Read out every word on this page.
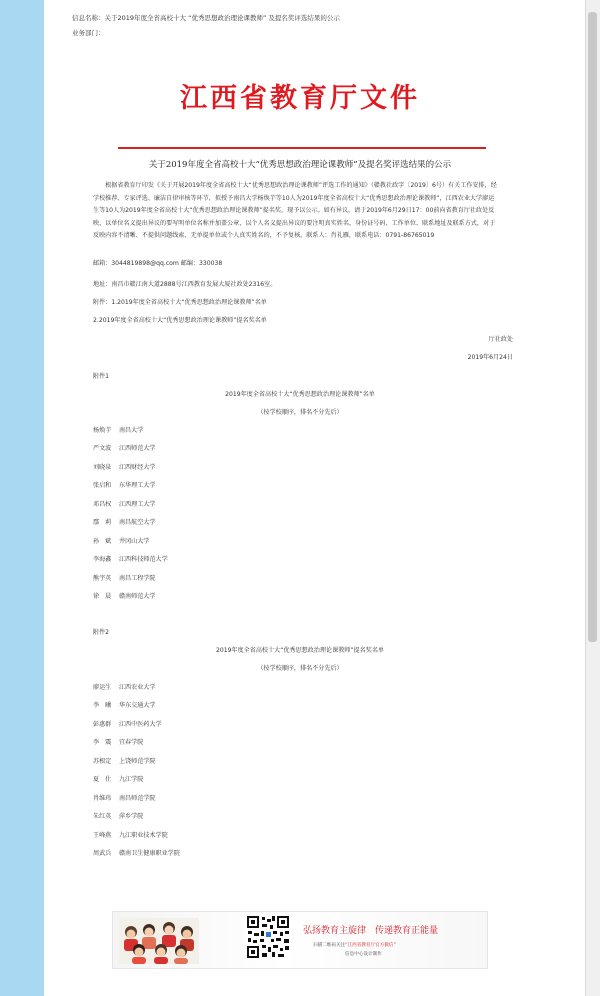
信息名称：关于2019年度全省高校十大 “优秀思想政治理论课教师” 及提名奖评选结果的公示
业务部门：
江西省教育厅文件
关于2019年度全省高校十大“优秀思想政治理论课教师”及提名奖评选结果的公示
　　根据省教育厅印发《关于开展2019年度全省高校十大“优秀思想政治理论课教师”评选工作的通知》（赣教社政字〔2019〕6号）有关工作安排，经学校推荐、专家评选、廉洁自律审核等环节，拟授予南昌大学杨焕芋等10人为2019年度全省高校十大“优秀思想政治理论课教师”，江西农业大学廖运生等10人为2019年度全省高校十大“优秀思想政治理论课教师”提名奖，现予以公示。如有异议，请于2019年6月29日17：00前向省教育厅社政处反映，以单位名义提出异议的要写明单位名称并加盖公章，以个人名义提出异议的要注明真实姓名、身份证号码、工作单位、联系地址及联系方式，对于反映内容不清晰、不提供问题线索、无单提单位或个人真实姓名的，不予复核。联系人：肖礼雁，联系电话：0791-86765019
邮箱：3044819898@qq.com 邮编：330038
地址：南昌市赣江南大道2888号江西教育发展大厦社政处2316室。
附件：1.2019年度全省高校十大“优秀思想政治理论课教师”名单
2.2019年度全省高校十大“优秀思想政治理论课教师”提名奖名单
厅社政处
2019年6月24日
附件1
2019年度全省高校十大“优秀思想政治理论课教师”名单
（按学校顺序，排名不分先后）
杨焕芋 南昌大学
严文波 江西师范大学
刘晓泉 江西财经大学
张启和 东华理工大学
邓昌权 江西理工大学
鄢　莉 南昌航空大学
孙　斌 井冈山大学
李海鑫 江西科技师范大学
熊宇英 南昌工程学院
徐　晨 赣南师范大学
附件2
2019年度全省高校十大“优秀思想政治理论课教师”提名奖名单
（按学校顺序，排名不分先后）
廖运生 江西农业大学
李　曦 华东交通大学
彭惠群 江西中医药大学
李　震 宜春学院
苏根定 上饶师范学院
夏　仕 九江学院
肖维玮 南昌师范学院
朱红英 萍乡学院
王峰燕 九江职业技术学院
周武兵 赣南卫生健康职业学院
弘扬教育主旋律　传递教育正能量
扫描二维码关注“江西省教育厅官方微信”
信息中心设计制作
